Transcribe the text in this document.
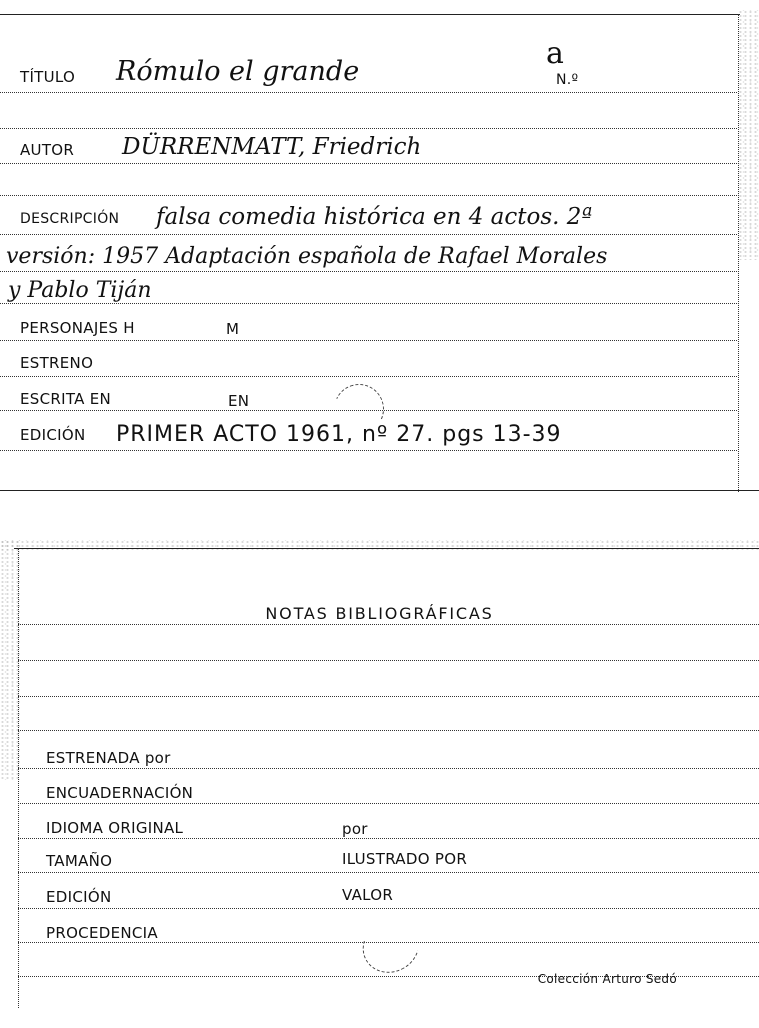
TÍTULO Rómulo el grande
a
N.º
AUTOR DÜRRENMATT, Friedrich
DESCRIPCIÓN falsa comedia histórica en 4 actos. 2ª
versión: 1957 Adaptación española de Rafael Morales
y Pablo Tiján
PERSONAJES H	M
ESTRENO
ESCRITA EN	EN
EDICIÓN PRIMER ACTO 1961, nº 27. pgs 13-39
NOTAS BIBLIOGRÁFICAS
ESTRENADA por
ENCUADERNACIÓN
IDIOMA ORIGINAL	por
TAMAÑO	ILUSTRADO POR
EDICIÓN	VALOR
PROCEDENCIA
Colección Arturo Sedó
